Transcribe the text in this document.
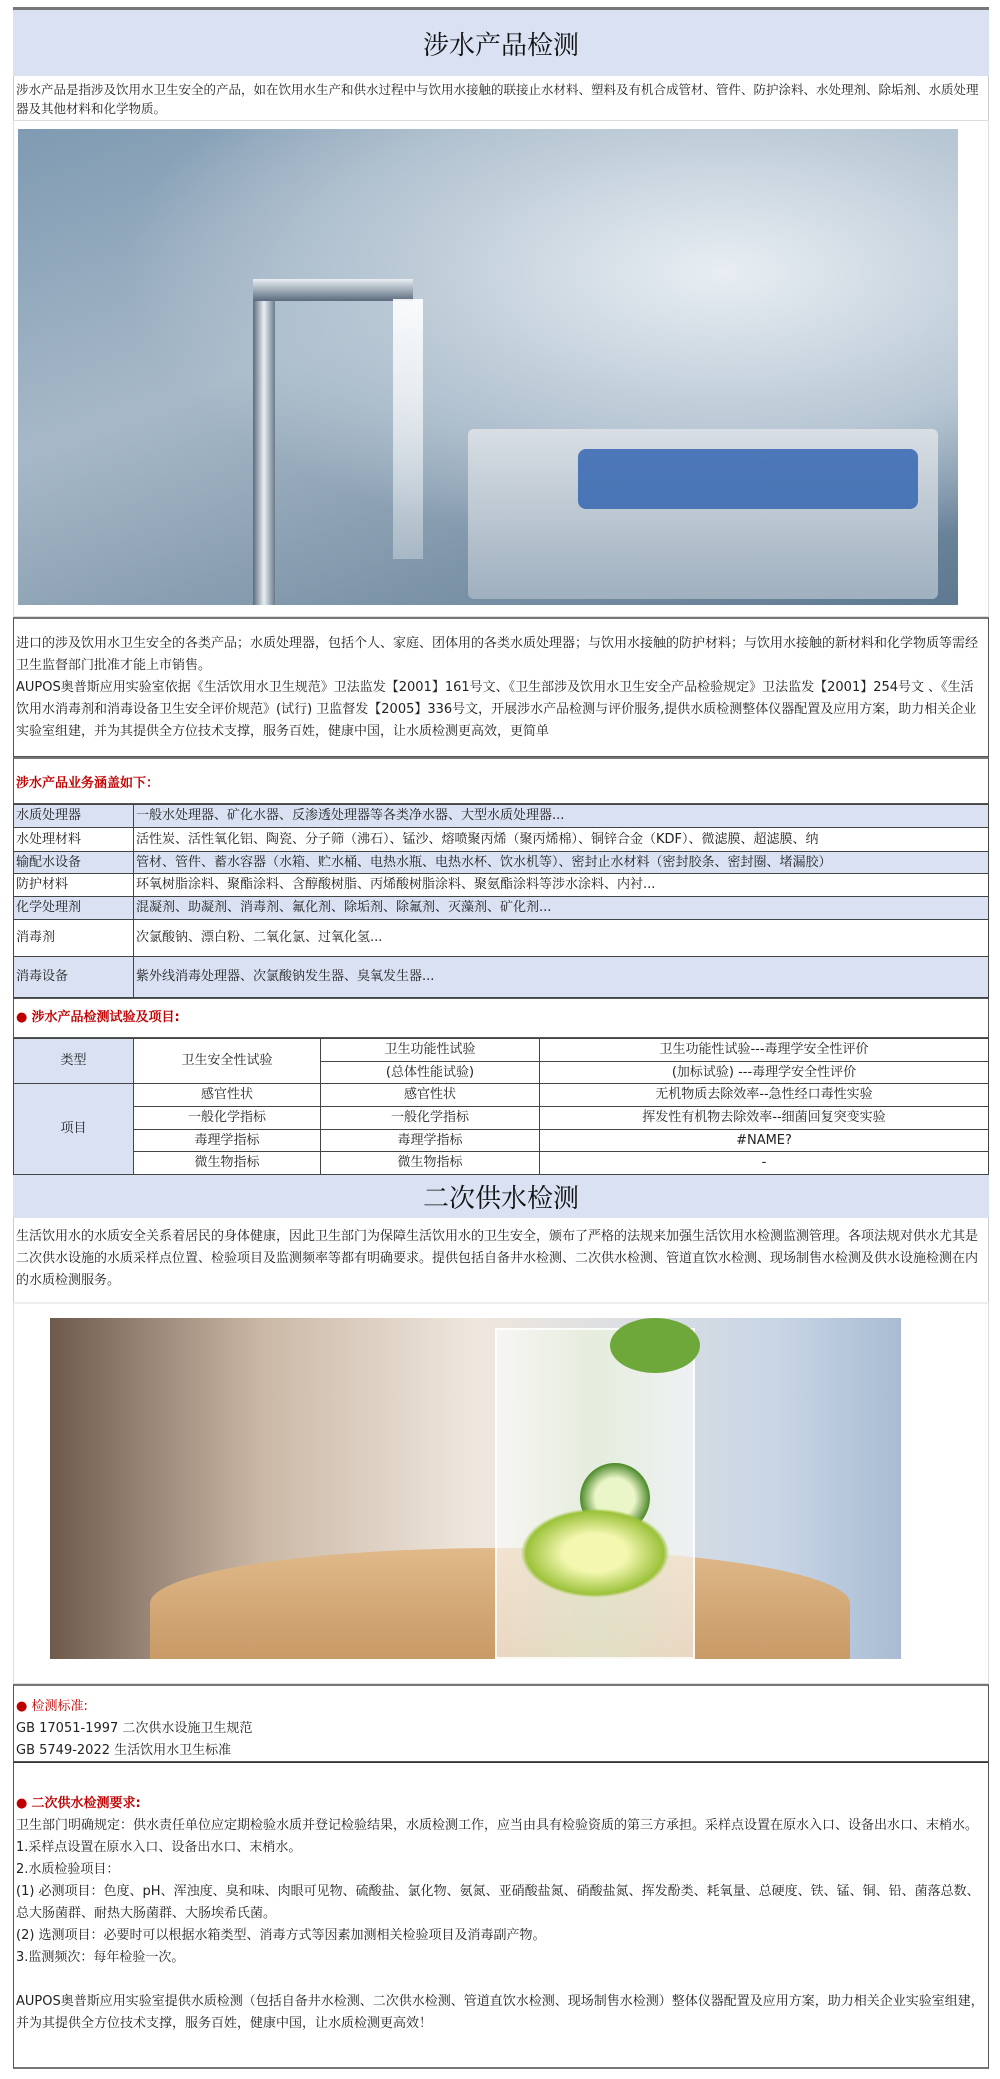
涉水产品检测
涉水产品是指涉及饮用水卫生安全的产品，如在饮用水生产和供水过程中与饮用水接触的联接止水材料、塑料及有机合成管材、管件、防护涂料、水处理剂、除垢剂、水质处理器及其他材料和化学物质。
进口的涉及饮用水卫生安全的各类产品；水质处理器，包括个人、家庭、团体用的各类水质处理器；与饮用水接触的防护材料；与饮用水接触的新材料和化学物质等需经卫生监督部门批准才能上市销售。
AUPOS奥普斯应用实验室依据《生活饮用水卫生规范》卫法监发【2001】161号文、《卫生部涉及饮用水卫生安全产品检验规定》卫法监发【2001】254号文 、《生活饮用水消毒剂和消毒设备卫生安全评价规范》(试行) 卫监督发【2005】336号文，开展涉水产品检测与评价服务,提供水质检测整体仪器配置及应用方案，助力相关企业实验室组建，并为其提供全方位技术支撑，服务百姓，健康中国，让水质检测更高效，更简单
涉水产品业务涵盖如下：
水质处理器	一般水处理器、矿化水器、反渗透处理器等各类净水器、大型水质处理器...
水处理材料	活性炭、活性氧化铝、陶瓷、分子筛（沸石）、锰沙、熔喷聚丙烯（聚丙烯棉）、铜锌合金（KDF）、微滤膜、超滤膜、纳
输配水设备	管材、管件、蓄水容器（水箱、贮水桶、电热水瓶、电热水杯、饮水机等）、密封止水材料（密封胶条、密封圈、堵漏胶）
防护材料	环氧树脂涂料、聚酯涂料、含醇酸树脂、丙烯酸树脂涂料、聚氨酯涂料等涉水涂料、内衬...
化学处理剂	混凝剂、助凝剂、消毒剂、氟化剂、除垢剂、除氟剂、灭藻剂、矿化剂...
消毒剂	次氯酸钠、漂白粉、二氧化氯、过氧化氢...
消毒设备	紫外线消毒处理器、次氯酸钠发生器、臭氧发生器...
● 涉水产品检测试验及项目:
类型	卫生安全性试验	卫生功能性试验	卫生功能性试验---毒理学安全性评价
		(总体性能试验)	(加标试验) ---毒理学安全性评价
项目	感官性状	感官性状	无机物质去除效率--急性经口毒性实验
	一般化学指标	一般化学指标	挥发性有机物去除效率--细菌回复突变实验
	毒理学指标	毒理学指标	#NAME?
	微生物指标	微生物指标	-
二次供水检测
生活饮用水的水质安全关系着居民的身体健康，因此卫生部门为保障生活饮用水的卫生安全，颁布了严格的法规来加强生活饮用水检测监测管理。各项法规对供水尤其是二次供水设施的水质采样点位置、检验项目及监测频率等都有明确要求。提供包括自备井水检测、二次供水检测、管道直饮水检测、现场制售水检测及供水设施检测在内的水质检测服务。
● 检测标准:
GB 17051-1997 二次供水设施卫生规范
GB 5749-2022 生活饮用水卫生标准
● 二次供水检测要求:
卫生部门明确规定：供水责任单位应定期检验水质并登记检验结果，水质检测工作，应当由具有检验资质的第三方承担。采样点设置在原水入口、设备出水口、末梢水。
1.采样点设置在原水入口、设备出水口、末梢水。
2.水质检验项目：
(1) 必测项目：色度、pH、浑浊度、臭和味、肉眼可见物、硫酸盐、氯化物、氨氮、亚硝酸盐氮、硝酸盐氮、挥发酚类、耗氧量、总硬度、铁、锰、铜、铅、菌落总数、总大肠菌群、耐热大肠菌群、大肠埃希氏菌。
(2) 选测项目：必要时可以根据水箱类型、消毒方式等因素加测相关检验项目及消毒副产物。
3.监测频次：每年检验一次。
AUPOS奥普斯应用实验室提供水质检测（包括自备井水检测、二次供水检测、管道直饮水检测、现场制售水检测）整体仪器配置及应用方案，助力相关企业实验室组建，并为其提供全方位技术支撑，服务百姓，健康中国，让水质检测更高效！
